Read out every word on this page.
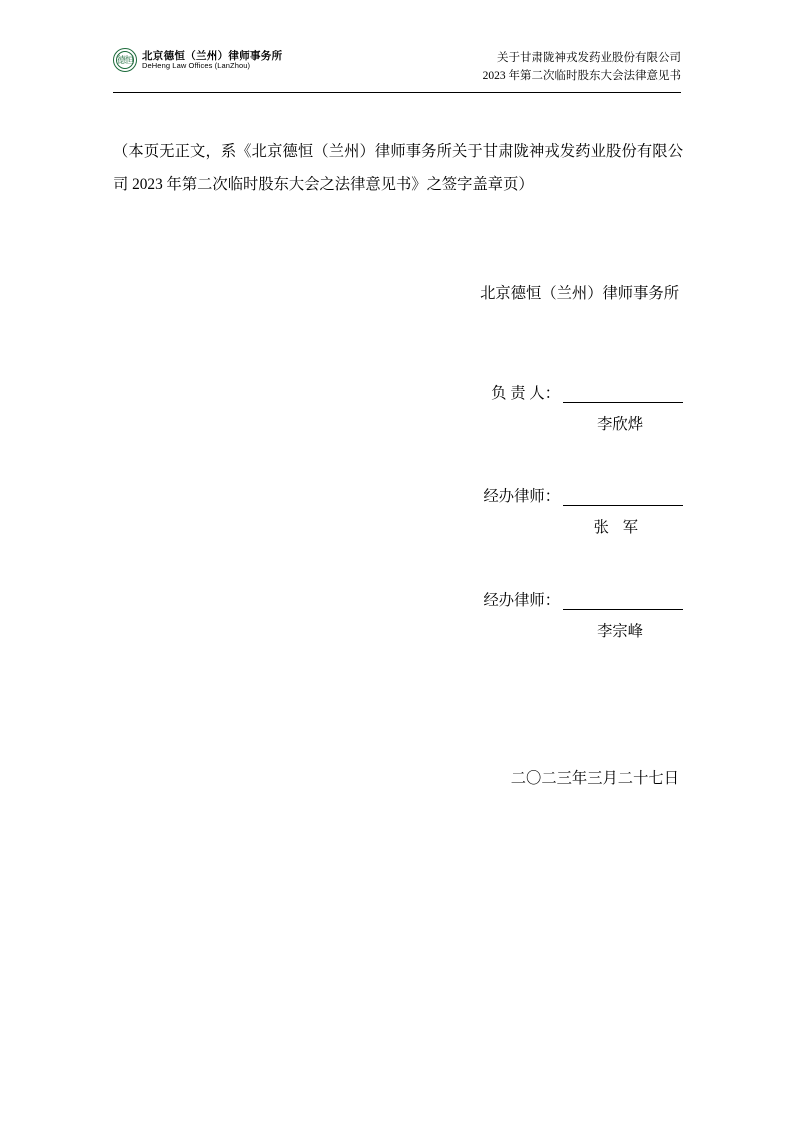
德恒 北京德恒（兰州）律师事务所
DeHeng Law Offices (LanZhou)
关于甘肃陇神戎发药业股份有限公司
2023 年第二次临时股东大会法律意见书
（本页无正文，系《北京德恒（兰州）律师事务所关于甘肃陇神戎发药业股份有限公司 2023 年第二次临时股东大会之法律意见书》之签字盖章页）
北京德恒（兰州）律师事务所
负 责 人：
李欣烨
经办律师：
张 军
经办律师：
李宗峰
二〇二三年三月二十七日
